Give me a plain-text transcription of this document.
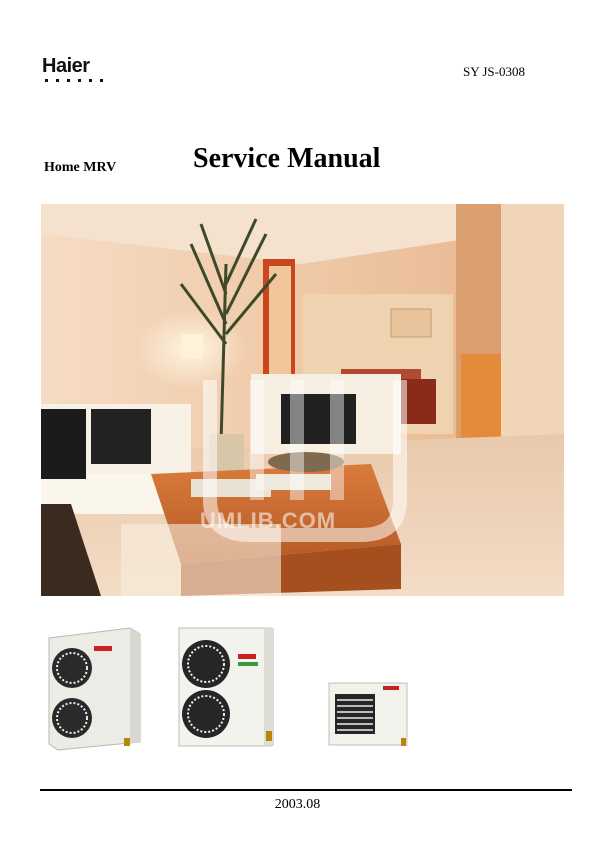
Haier	SY JS-0308
Home MRV	Service Manual
UMLIB.COM
2003.08
